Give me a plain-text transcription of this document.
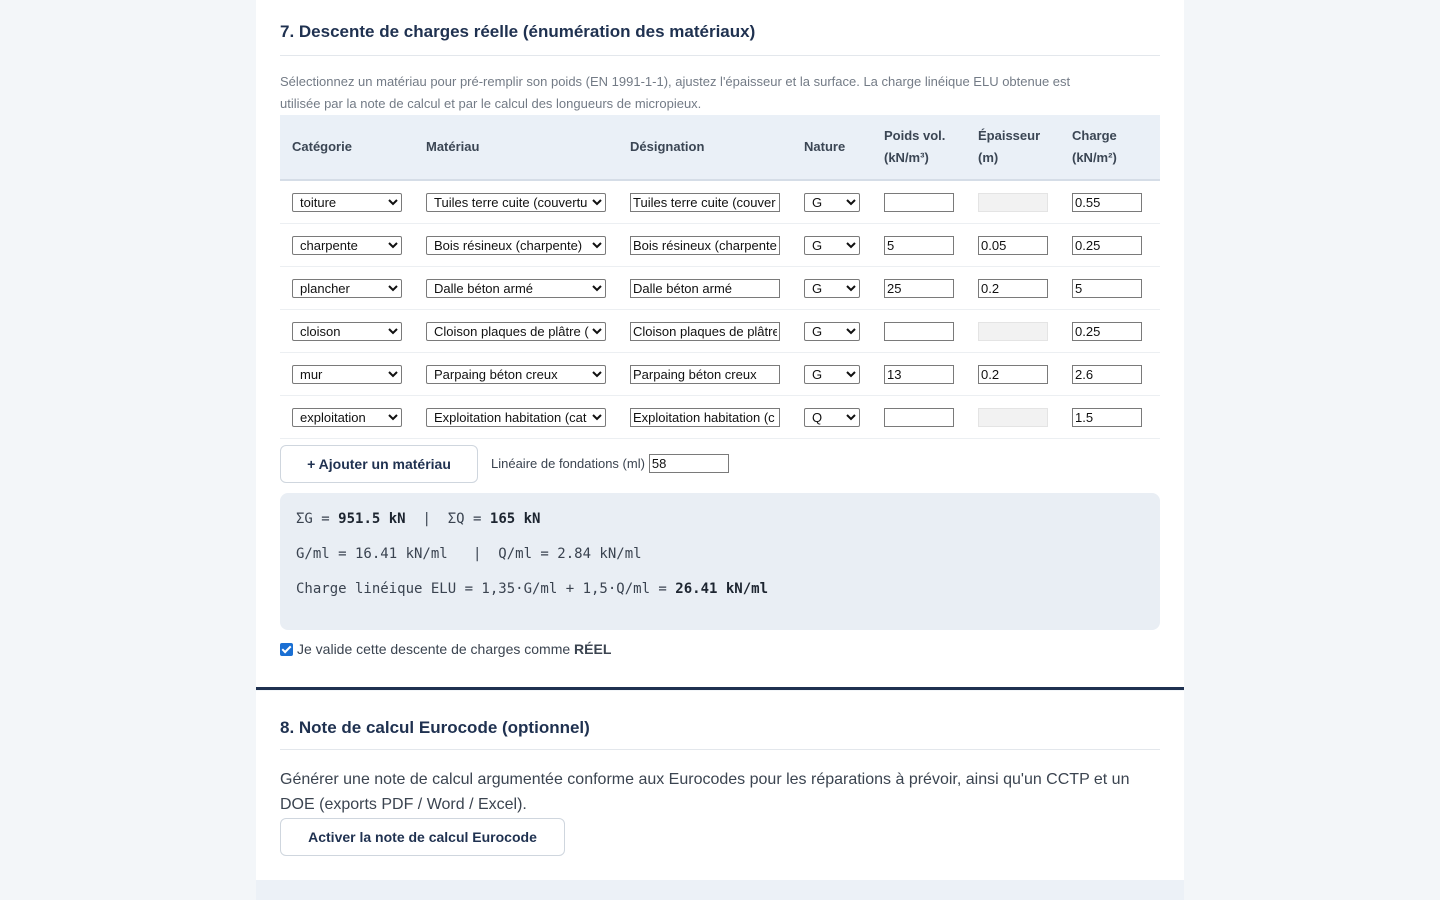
7. Descente de charges réelle (énumération des matériaux)
Sélectionnez un matériau pour pré-remplir son poids (EN 1991-1-1), ajustez l'épaisseur et la surface. La charge linéique ELU obtenue est
utilisée par la note de calcul et par le calcul des longueurs de micropieux.
Catégorie	Matériau	Désignation	Nature	Poids vol.
(kN/m³)	Épaisseur
(m)	Charge
(kN/m²)

toiture	
Tuiles terre cuite (couvertu	Tuiles terre cuite (couver	
G			0.55

charpente	
Bois résineux (charpente)	Bois résineux (charpente	
G	5	0.05	0.25

plancher	
Dalle béton armé	Dalle béton armé	
G	25	0.2	5

cloison	
Cloison plaques de plâtre (	Cloison plaques de plâtre	
G			0.25

mur	
Parpaing béton creux	Parpaing béton creux	
G	13	0.2	2.6

exploitation	
Exploitation habitation (cat	Exploitation habitation (c	
Q			1.5
+ Ajouter un matériau	Linéaire de fondations (ml)
58
ΣG = 951.5 kN  |  ΣQ = 165 kN
G/ml = 16.41 kN/ml   |  Q/ml = 2.84 kN/ml
Charge linéique ELU = 1,35·G/ml + 1,5·Q/ml = 26.41 kN/ml
Je valide cette descente de charges comme RÉEL
8. Note de calcul Eurocode (optionnel)
Générer une note de calcul argumentée conforme aux Eurocodes pour les réparations à prévoir, ainsi qu'un CCTP et un
DOE (exports PDF / Word / Excel).
Activer la note de calcul Eurocode
